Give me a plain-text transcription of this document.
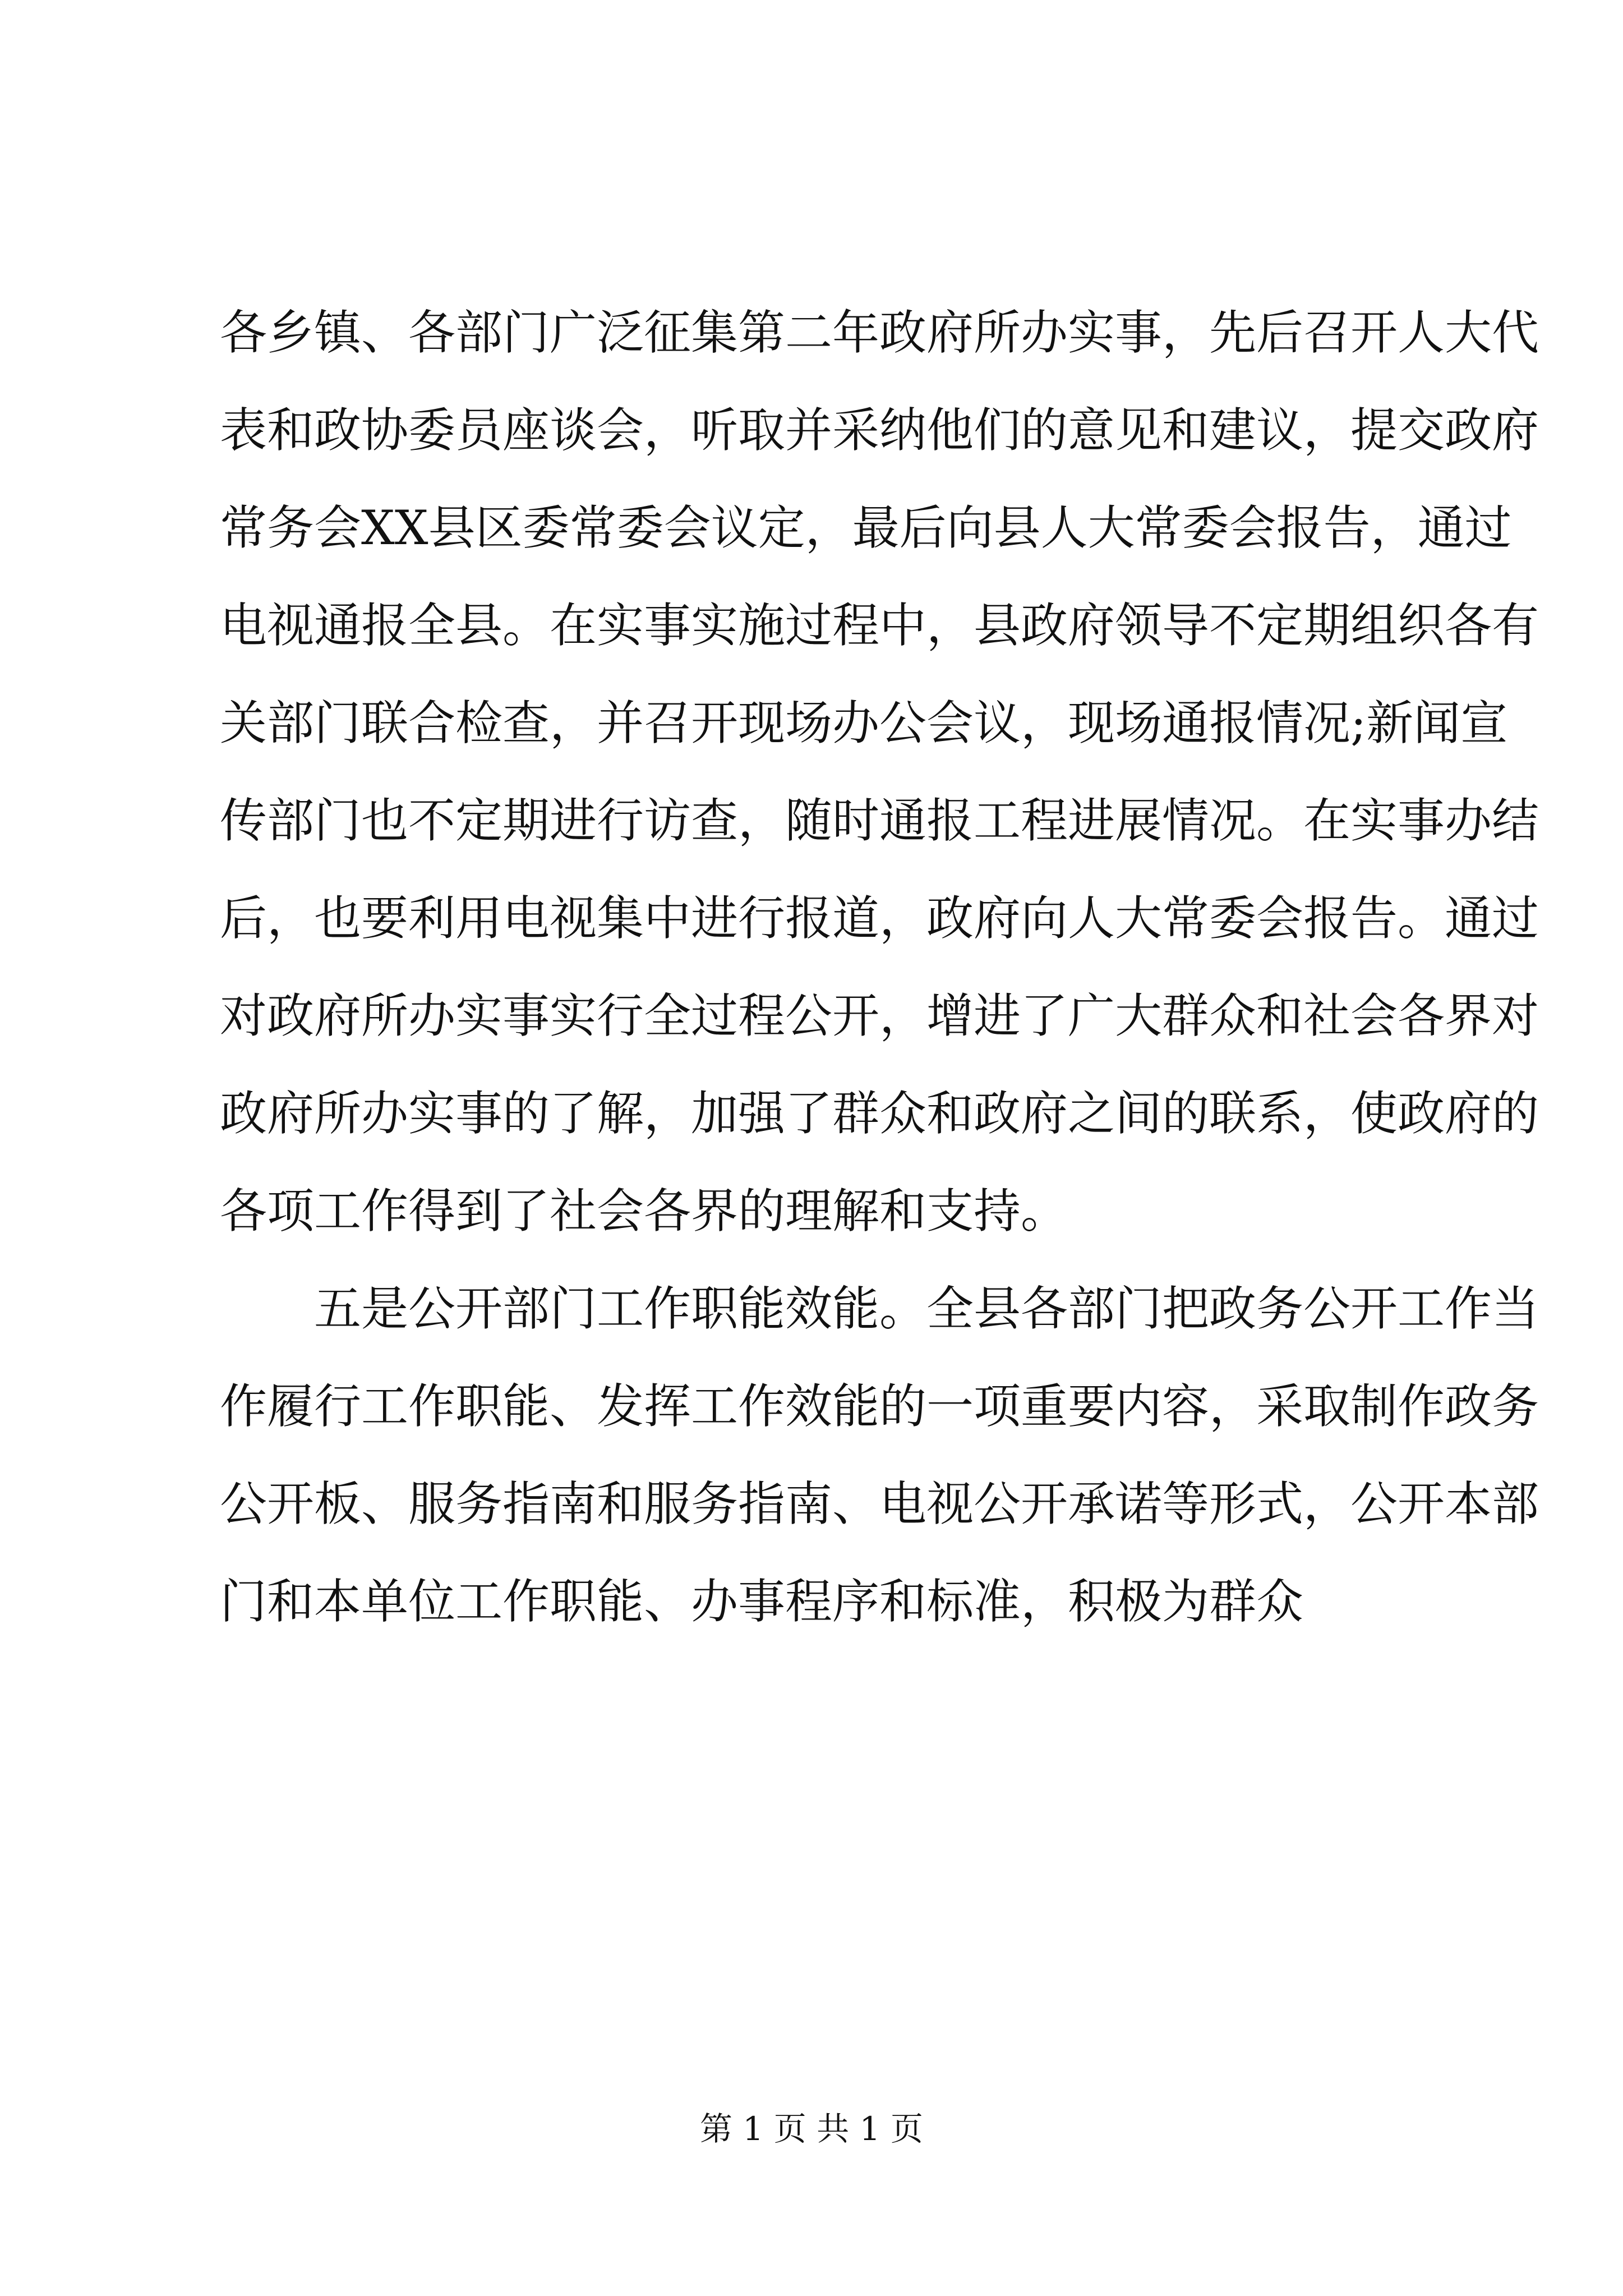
各乡镇、各部门广泛征集第二年政府所办实事，先后召开人大代
表和政协委员座谈会，听取并采纳他们的意见和建议，提交政府
常务会XX县区委常委会议定，最后向县人大常委会报告，通过
电视通报全县。在实事实施过程中，县政府领导不定期组织各有
关部门联合检查，并召开现场办公会议，现场通报情况;新闻宣
传部门也不定期进行访查，随时通报工程进展情况。在实事办结
后，也要利用电视集中进行报道，政府向人大常委会报告。通过
对政府所办实事实行全过程公开，增进了广大群众和社会各界对
政府所办实事的了解，加强了群众和政府之间的联系，使政府的
各项工作得到了社会各界的理解和支持。
五是公开部门工作职能效能。全县各部门把政务公开工作当
作履行工作职能、发挥工作效能的一项重要内容，采取制作政务
公开板、服务指南和服务指南、电视公开承诺等形式，公开本部
门和本单位工作职能、办事程序和标准，积极为群众
第 1 页 共 1 页
